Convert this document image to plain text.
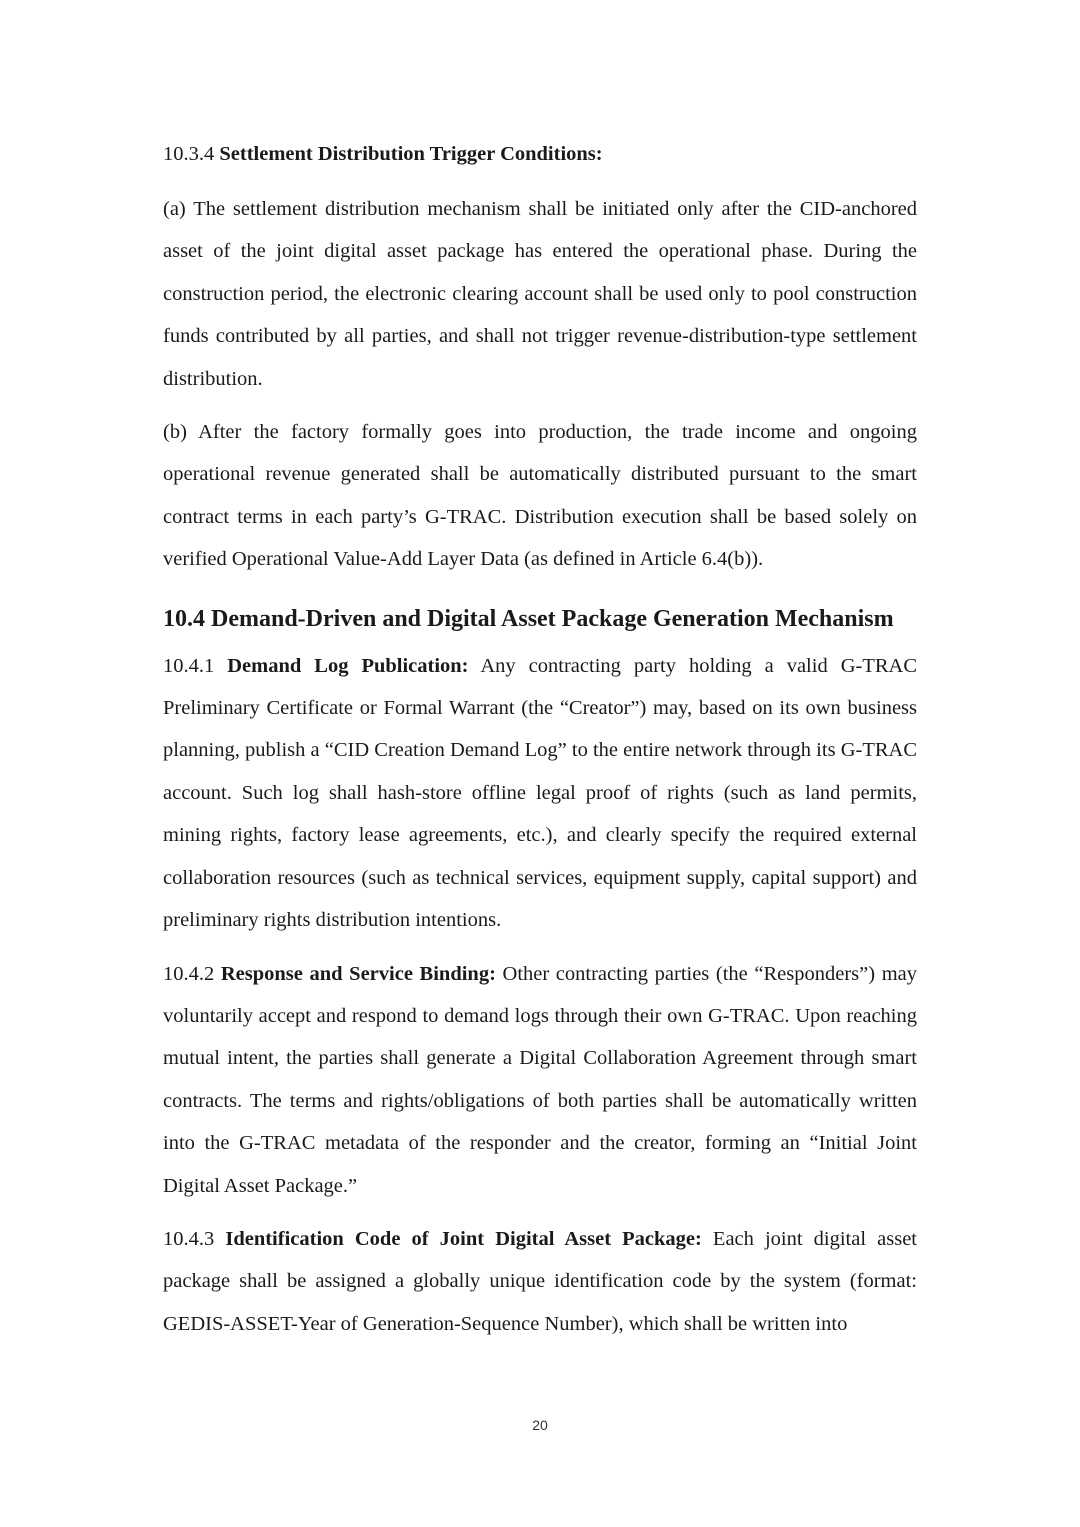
10.3.4 Settlement Distribution Trigger Conditions:

(a) The settlement distribution mechanism shall be initiated only after the CID-anchored asset of the joint digital asset package has entered the operational phase. During the construction period, the electronic clearing account shall be used only to pool construction funds contributed by all parties, and shall not trigger revenue-distribution-type settlement distribution.

(b) After the factory formally goes into production, the trade income and ongoing operational revenue generated shall be automatically distributed pursuant to the smart contract terms in each party’s G-TRAC. Distribution execution shall be based solely on verified Operational Value-Add Layer Data (as defined in Article 6.4(b)).

10.4 Demand-Driven and Digital Asset Package Generation Mechanism

10.4.1 Demand Log Publication: Any contracting party holding a valid G-TRAC Preliminary Certificate or Formal Warrant (the “Creator”) may, based on its own business planning, publish a “CID Creation Demand Log” to the entire network through its G-TRAC account. Such log shall hash-store offline legal proof of rights (such as land permits, mining rights, factory lease agreements, etc.), and clearly specify the required external collaboration resources (such as technical services, equipment supply, capital support) and preliminary rights distribution intentions.

10.4.2 Response and Service Binding: Other contracting parties (the “Responders”) may voluntarily accept and respond to demand logs through their own G-TRAC. Upon reaching mutual intent, the parties shall generate a Digital Collaboration Agreement through smart contracts. The terms and rights/obligations of both parties shall be automatically written into the G-TRAC metadata of the responder and the creator, forming an “Initial Joint Digital Asset Package.”

10.4.3 Identification Code of Joint Digital Asset Package: Each joint digital asset package shall be assigned a globally unique identification code by the system (format: GEDIS-ASSET-Year of Generation-Sequence Number), which shall be written into

20
